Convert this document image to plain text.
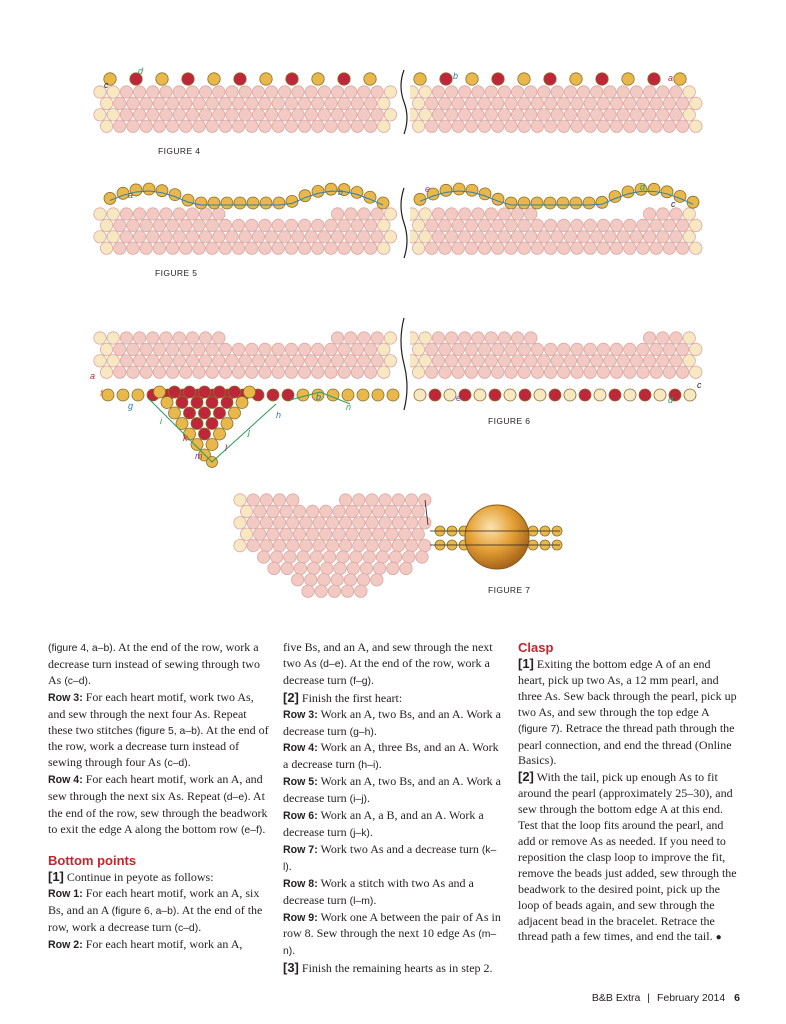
FIGURE 4
FIGURE 5
FIGURE 6
FIGURE 7
a
b
c
d
a	b
c
d
e
a
b
c
d
e
f
g
h
i
j
k
l
m
n

(figure 4, a–b). At the end of the row, work a decrease turn instead of sewing through two As (c–d).

Row 3: For each heart motif, work two As, and sew through the next four As. Repeat these two stitches (figure 5, a–b). At the end of the row, work a decrease turn instead of sewing through four As (c–d).

Row 4: For each heart motif, work an A, and sew through the next six As. Repeat (d–e). At the end of the row, sew through the beadwork to exit the edge A along the bottom row (e–f).

Bottom points

[1] Continue in peyote as follows:

Row 1: For each heart motif, work an A, six Bs, and an A (figure 6, a–b). At the end of the row, work a decrease turn (c–d).

Row 2: For each heart motif, work an A,

five Bs, and an A, and sew through the next two As (d–e). At the end of the row, work a decrease turn (f–g).

[2] Finish the first heart:

Row 3: Work an A, two Bs, and an A. Work a decrease turn (g–h).

Row 4: Work an A, three Bs, and an A. Work a decrease turn (h–i).

Row 5: Work an A, two Bs, and an A. Work a decrease turn (i–j).

Row 6: Work an A, a B, and an A. Work a decrease turn (j–k).

Row 7: Work two As and a decrease turn (k–l).

Row 8: Work a stitch with two As and a decrease turn (l–m).

Row 9: Work one A between the pair of As in row 8. Sew through the next 10 edge As (m–n).

[3] Finish the remaining hearts as in step 2.

Clasp

[1] Exiting the bottom edge A of an end heart, pick up two As, a 12 mm pearl, and three As. Sew back through the pearl, pick up two As, and sew through the top edge A (figure 7). Retrace the thread path through the pearl connection, and end the thread (Online Basics).

[2] With the tail, pick up enough As to fit around the pearl (approximately 25–30), and sew through the bottom edge A at this end. Test that the loop fits around the pearl, and add or remove As as needed. If you need to reposition the clasp loop to improve the fit, remove the beads just added, sew through the beadwork to the desired point, pick up the loop of beads again, and sew through the adjacent bead in the bracelet. Retrace the thread path a few times, and end the tail. ●

B&B Extra | February 2014 6
